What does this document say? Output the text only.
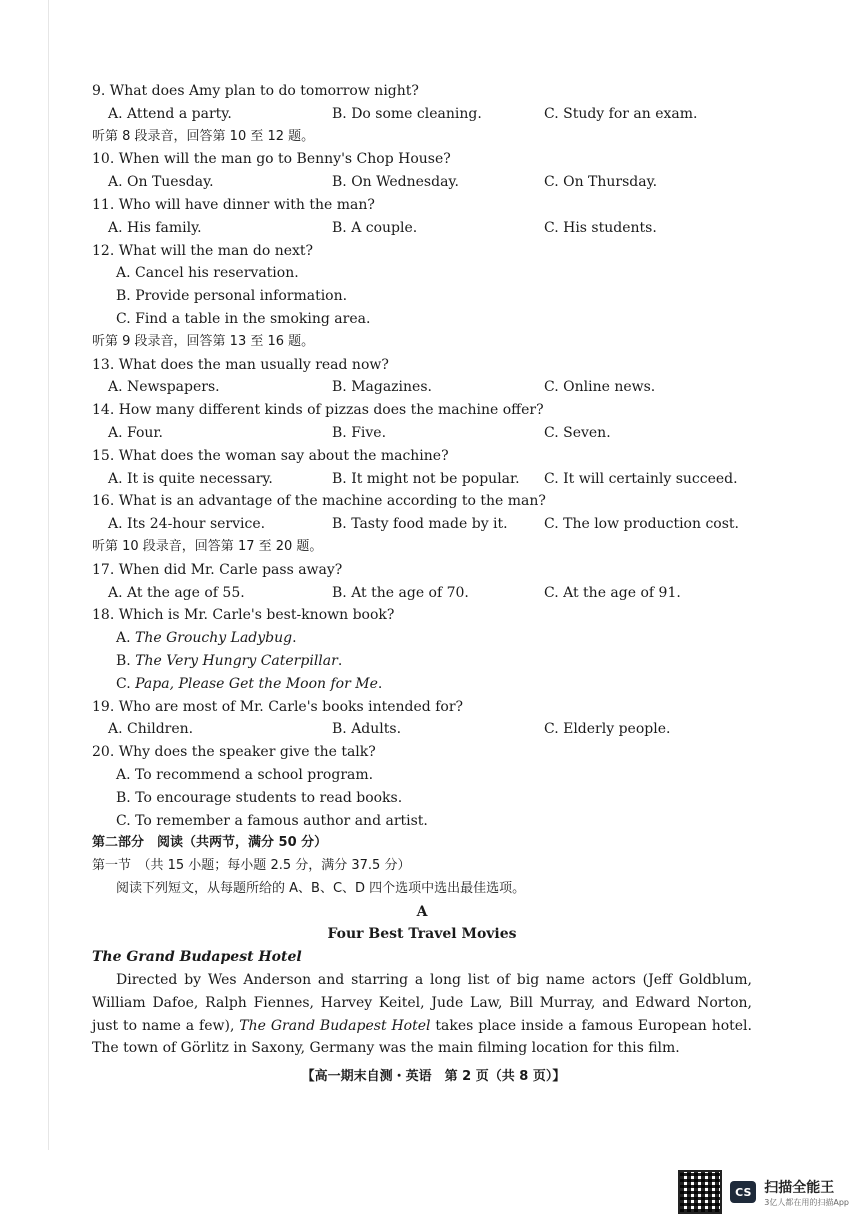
9. What does Amy plan to do tomorrow night?
A. Attend a party.	B. Do some cleaning.	C. Study for an exam.
听第 8 段录音，回答第 10 至 12 题。
10. When will the man go to Benny's Chop House?
A. On Tuesday.	B. On Wednesday.	C. On Thursday.
11. Who will have dinner with the man?
A. His family.	B. A couple.	C. His students.
12. What will the man do next?
A. Cancel his reservation.
B. Provide personal information.
C. Find a table in the smoking area.
听第 9 段录音，回答第 13 至 16 题。
13. What does the man usually read now?
A. Newspapers.	B. Magazines.	C. Online news.
14. How many different kinds of pizzas does the machine offer?
A. Four.	B. Five.	C. Seven.
15. What does the woman say about the machine?
A. It is quite necessary.	B. It might not be popular. C. It will certainly succeed.
16. What is an advantage of the machine according to the man?
A. Its 24-hour service.	B. Tasty food made by it.	C. The low production cost.
听第 10 段录音，回答第 17 至 20 题。
17. When did Mr. Carle pass away?
A. At the age of 55.	B. At the age of 70.	C. At the age of 91.
18. Which is Mr. Carle's best-known book?
A. The Grouchy Ladybug.
B. The Very Hungry Caterpillar.
C. Papa, Please Get the Moon for Me.
19. Who are most of Mr. Carle's books intended for?
A. Children.	B. Adults.	C. Elderly people.
20. Why does the speaker give the talk?
A. To recommend a school program.
B. To encourage students to read books.
C. To remember a famous author and artist.
第二部分　阅读（共两节，满分 50 分）
第一节　（共 15 小题；每小题 2.5 分，满分 37.5 分）
阅读下列短文，从每题所给的 A、B、C、D 四个选项中选出最佳选项。
A
Four Best Travel Movies
The Grand Budapest Hotel
Directed by Wes Anderson and starring a long list of big name actors (Jeff Goldblum, William Dafoe, Ralph Fiennes, Harvey Keitel, Jude Law, Bill Murray, and Edward Norton, just to name a few), The Grand Budapest Hotel takes place inside a famous European hotel. The town of Görlitz in Saxony, Germany was the main filming location for this film.
【高一期末自测・英语　第 2 页（共 8 页）】
CS 扫描全能王
3亿人都在用的扫描App
